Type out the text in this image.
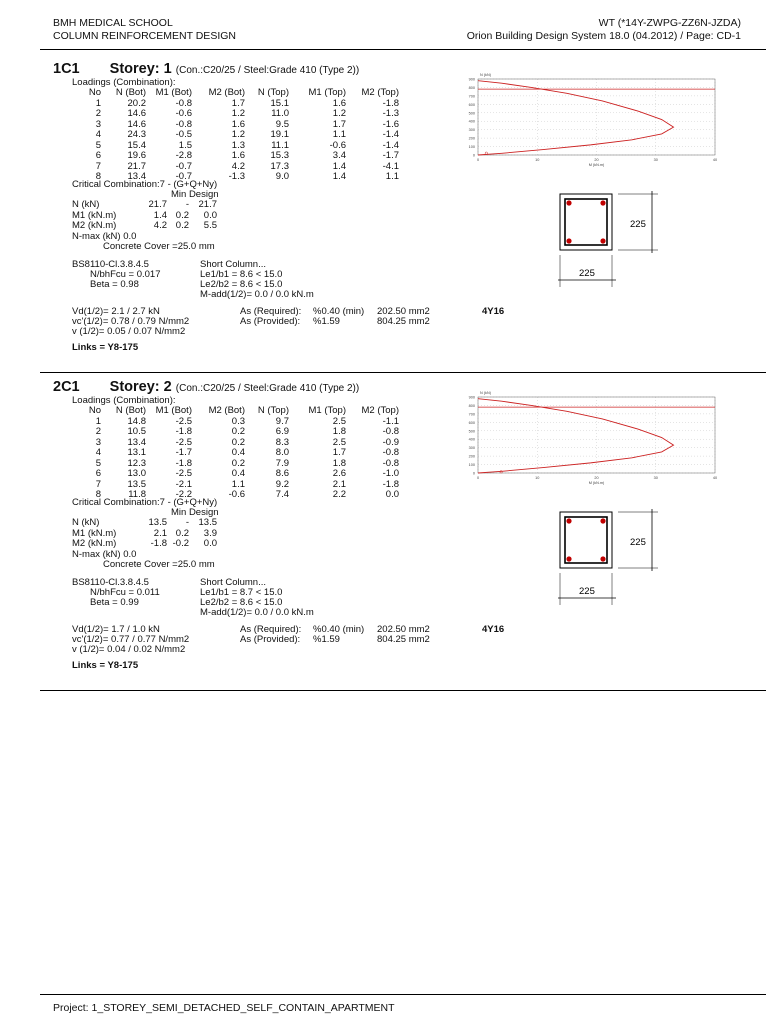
BMH MEDICAL SCHOOL
COLUMN REINFORCEMENT DESIGN
WT (*14Y-ZWPG-ZZ6N-JZDA)
Orion Building Design System 18.0 (04.2012) / Page: CD-1
1C1 Storey: 1 (Con.:C20/25 / Steel:Grade 410 (Type 2))
Loadings (Combination):
No	N (Bot)	M1 (Bot)	M2 (Bot)	N (Top)	M1 (Top)	M2 (Top)
1	20.2	-0.8	1.7	15.1	1.6	-1.8
2	14.6	-0.6	1.2	11.0	1.2	-1.3
3	14.6	-0.8	1.6	9.5	1.7	-1.6
4	24.3	-0.5	1.2	19.1	1.1	-1.4
5	15.4	1.5	1.3	11.1	-0.6	-1.4
6	19.6	-2.8	1.6	15.3	3.4	-1.7
7	21.7	-0.7	4.2	17.3	1.4	-4.1
8	13.4	-0.7	-1.3	9.0	1.4	1.1
Critical Combination:7 - (G+Q+Ny)
Min Design
N (kN)	21.7	-	21.7
M1 (kN.m)	1.4	0.2	0.0
M2 (kN.m)	4.2	0.2	5.5
N-max (kN) 0.0
Concrete Cover =25.0 mm
BS8110-Cl.3.8.4.5
N/bhFcu = 0.017
Beta = 0.98
Short Column...
Le1/b1 = 8.6 < 15.0
Le2/b2 = 8.6 < 15.0
M-add(1/2)= 0.0 / 0.0 kN.m
Vd(1/2)= 2.1 / 2.7 kN
vc'(1/2)= 0.78 / 0.79 N/mm2
v (1/2)= 0.05 / 0.07 N/mm2
As (Required): %0.40 (min) 202.50 mm2
As (Provided): %1.59	804.25 mm2
4Y16
Links = Y8-175
0
100
200
300
400
500
600
700
800
900
0	10	20	30	40
M (kN.m)
N (kN)
225
225
2C1 Storey: 2 (Con.:C20/25 / Steel:Grade 410 (Type 2))
Loadings (Combination):
No	N (Bot)	M1 (Bot)	M2 (Bot)	N (Top)	M1 (Top)	M2 (Top)
1	14.8	-2.5	0.3	9.7	2.5	-1.1
2	10.5	-1.8	0.2	6.9	1.8	-0.8
3	13.4	-2.5	0.2	8.3	2.5	-0.9
4	13.1	-1.7	0.4	8.0	1.7	-0.8
5	12.3	-1.8	0.2	7.9	1.8	-0.8
6	13.0	-2.5	0.4	8.6	2.6	-1.0
7	13.5	-2.1	1.1	9.2	2.1	-1.8
8	11.8	-2.2	-0.6	7.4	2.2	0.0
Critical Combination:7 - (G+Q+Ny)
Min Design
N (kN)	13.5	-	13.5
M1 (kN.m)	2.1	0.2	3.9
M2 (kN.m)	-1.8	-0.2	0.0
N-max (kN) 0.0
Concrete Cover =25.0 mm
BS8110-Cl.3.8.4.5
N/bhFcu = 0.011
Beta = 0.99
Short Column...
Le1/b1 = 8.7 < 15.0
Le2/b2 = 8.6 < 15.0
M-add(1/2)= 0.0 / 0.0 kN.m
Vd(1/2)= 1.7 / 1.0 kN
vc'(1/2)= 0.77 / 0.77 N/mm2
v (1/2)= 0.04 / 0.02 N/mm2
As (Required): %0.40 (min) 202.50 mm2
As (Provided): %1.59	804.25 mm2
4Y16
Links = Y8-175
0
100
200
300
400
500
600
700
800
900
0	10	20	30	40
M (kN.m)
N (kN)
225
225
Project: 1_STOREY_SEMI_DETACHED_SELF_CONTAIN_APARTMENT
